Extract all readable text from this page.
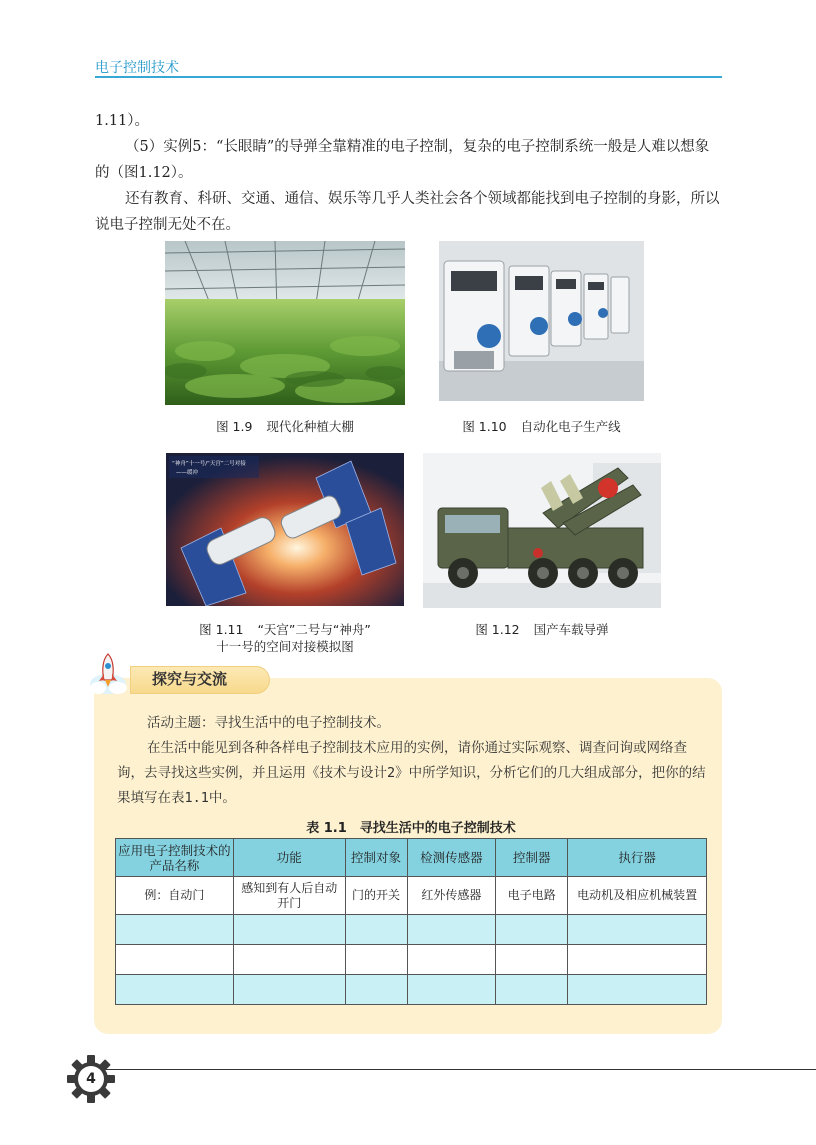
电子控制技术

1.11）。

（5）实例5：“长眼睛”的导弹全靠精准的电子控制，复杂的电子控制系统一般是人难以想象的（图1.12）。

还有教育、科研、交通、通信、娱乐等几乎人类社会各个领域都能找到电子控制的身影，所以说电子控制无处不在。

图 1.9 现代化种植大棚	图 1.10 自动化电子生产线
“神舟”十一号/“天宫”二号对接
——缓冲
图 1.11 “天宫”二号与“神舟”
十一号的空间对接模拟图
图 1.12 国产车载导弹
探究与交流

活动主题：寻找生活中的电子控制技术。

在生活中能见到各种各样电子控制技术应用的实例，请你通过实际观察、调查问询或网络查询，去寻找这些实例，并且运用《技术与设计2》中所学知识，分析它们的几大组成部分，把你的结果填写在表1.1中。

表 1.1　寻找生活中的电子控制技术
应用电子控制技术的产品名称	功能	控制对象	检测传感器	控制器	执行器
例：自动门	感知到有人后自动开门	门的开关	红外传感器	电子电路	电动机及相应机械装置

4
